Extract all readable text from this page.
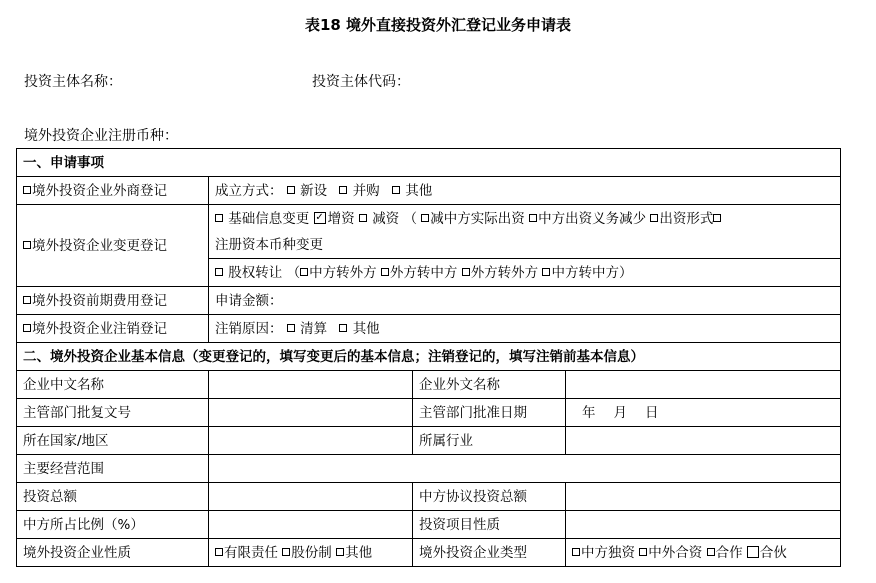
表18 境外直接投资外汇登记业务申请表
投资主体名称：	投资主体代码：
境外投资企业注册币种：
一、申请事项			
境外投资企业外商登记	成立方式： 新设 并购 其他		
境外投资企业变更登记	基础信息变更 ✓ 增资 减资 （ 减中方实际出资 中方出资义务减少 出资形式
注册资本币种变更		
	股权转让 （ 中方转外方 外方转中方 外方转外方 中方转中方）		
境外投资前期费用登记	申请金额：		
境外投资企业注销登记	注销原因： 清算 其他		
二、境外投资企业基本信息（变更登记的，填写变更后的基本信息；注销登记的，填写注销前基本信息）			
企业中文名称		企业外文名称	
主管部门批复文号		主管部门批准日期	年 月 日
所在国家/地区		所属行业	
主要经营范围			
投资总额		中方协议投资总额	
中方所占比例（%）		投资项目性质	
境外投资企业性质	有限责任 股份制 其他	境外投资企业类型	中方独资 中外合资 合作 合伙
